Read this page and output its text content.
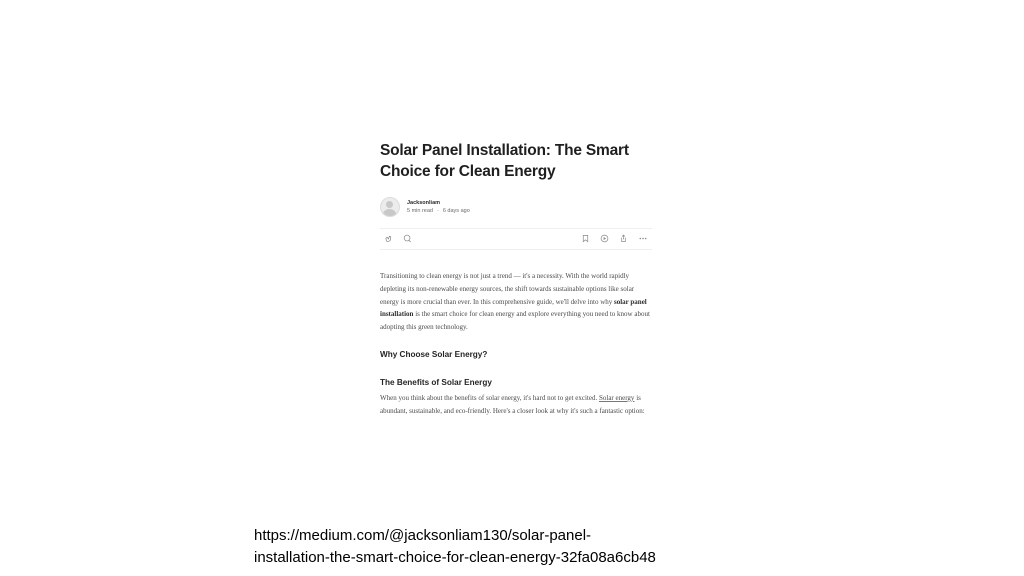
Solar Panel Installation: The Smart Choice for Clean Energy
Jacksonliam
5 min read · 6 days ago

Transitioning to clean energy is not just a trend — it's a necessity. With the world rapidly depleting its non-renewable energy sources, the shift towards sustainable options like solar energy is more crucial than ever. In this comprehensive guide, we'll delve into why solar panel installation is the smart choice for clean energy and explore everything you need to know about adopting this green technology.

Why Choose Solar Energy?
The Benefits of Solar Energy

When you think about the benefits of solar energy, it's hard not to get excited. Solar energy is abundant, sustainable, and eco-friendly. Here's a closer look at why it's such a fantastic option:

https://medium.com/@jacksonliam130/solar-panel-
installation-the-smart-choice-for-clean-energy-32fa08a6cb48
